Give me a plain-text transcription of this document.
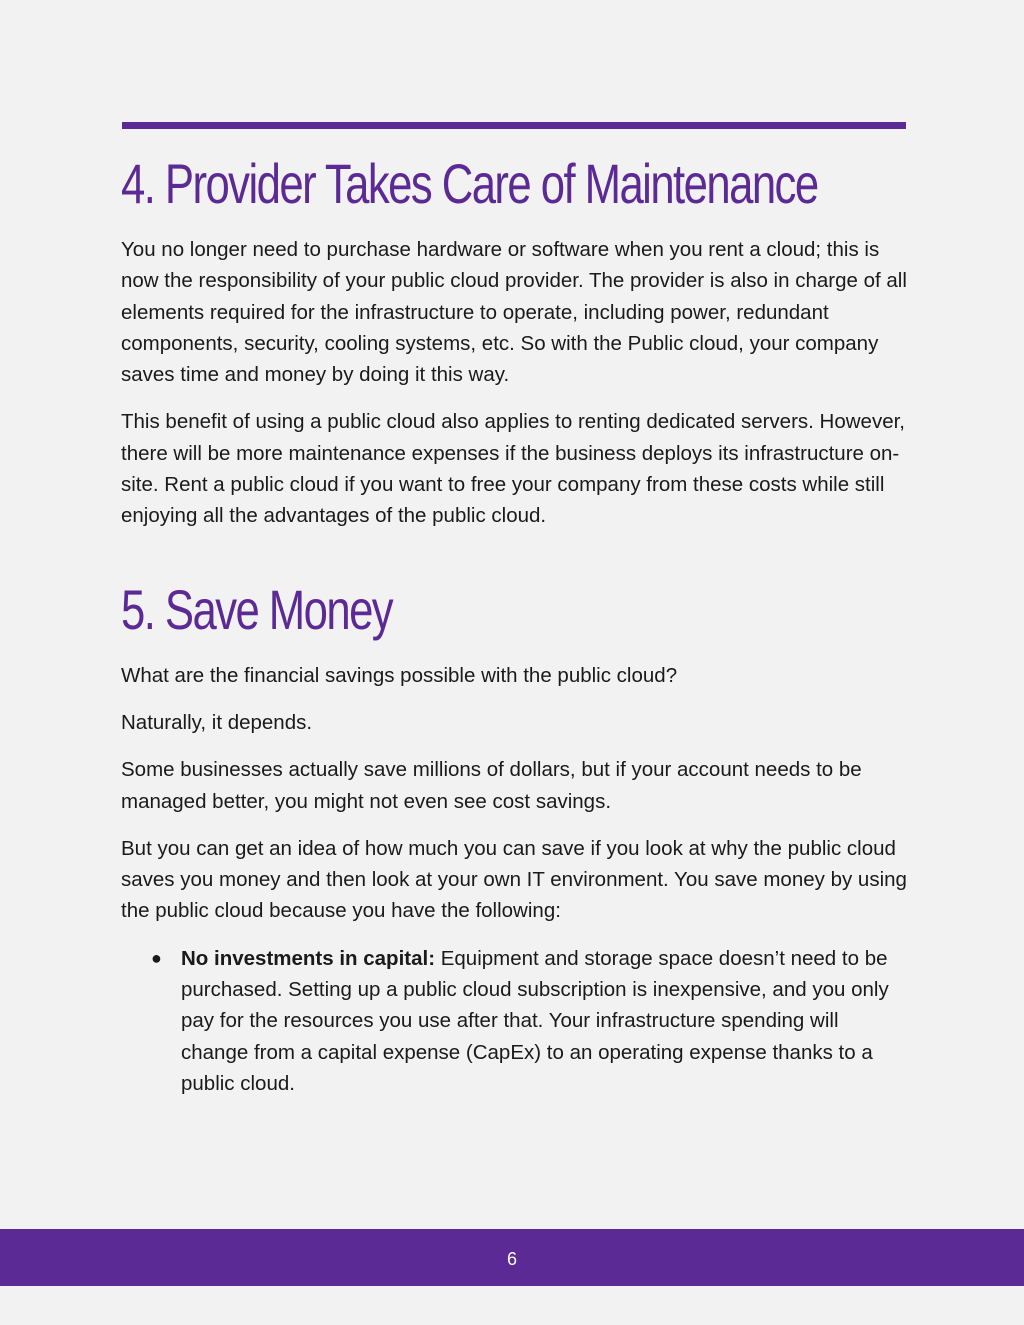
4. Provider Takes Care of Maintenance

You no longer need to purchase hardware or software when you rent a cloud; this is now the responsibility of your public cloud provider. The provider is also in charge of all elements required for the infrastructure to operate, including power, redundant components, security, cooling systems, etc. So with the Public cloud, your company saves time and money by doing it this way.

This benefit of using a public cloud also applies to renting dedicated servers. However, there will be more maintenance expenses if the business deploys its infrastructure on-site. Rent a public cloud if you want to free your company from these costs while still enjoying all the advantages of the public cloud.

5. Save Money

What are the financial savings possible with the public cloud?

Naturally, it depends.

Some businesses actually save millions of dollars, but if your account needs to be managed better, you might not even see cost savings.

But you can get an idea of how much you can save if you look at why the public cloud saves you money and then look at your own IT environment. You save money by using the public cloud because you have the following:

● No investments in capital: Equipment and storage space doesn’t need to be purchased. Setting up a public cloud subscription is inexpensive, and you only pay for the resources you use after that. Your infrastructure spending will change from a capital expense (CapEx) to an operating expense thanks to a public cloud.
6
